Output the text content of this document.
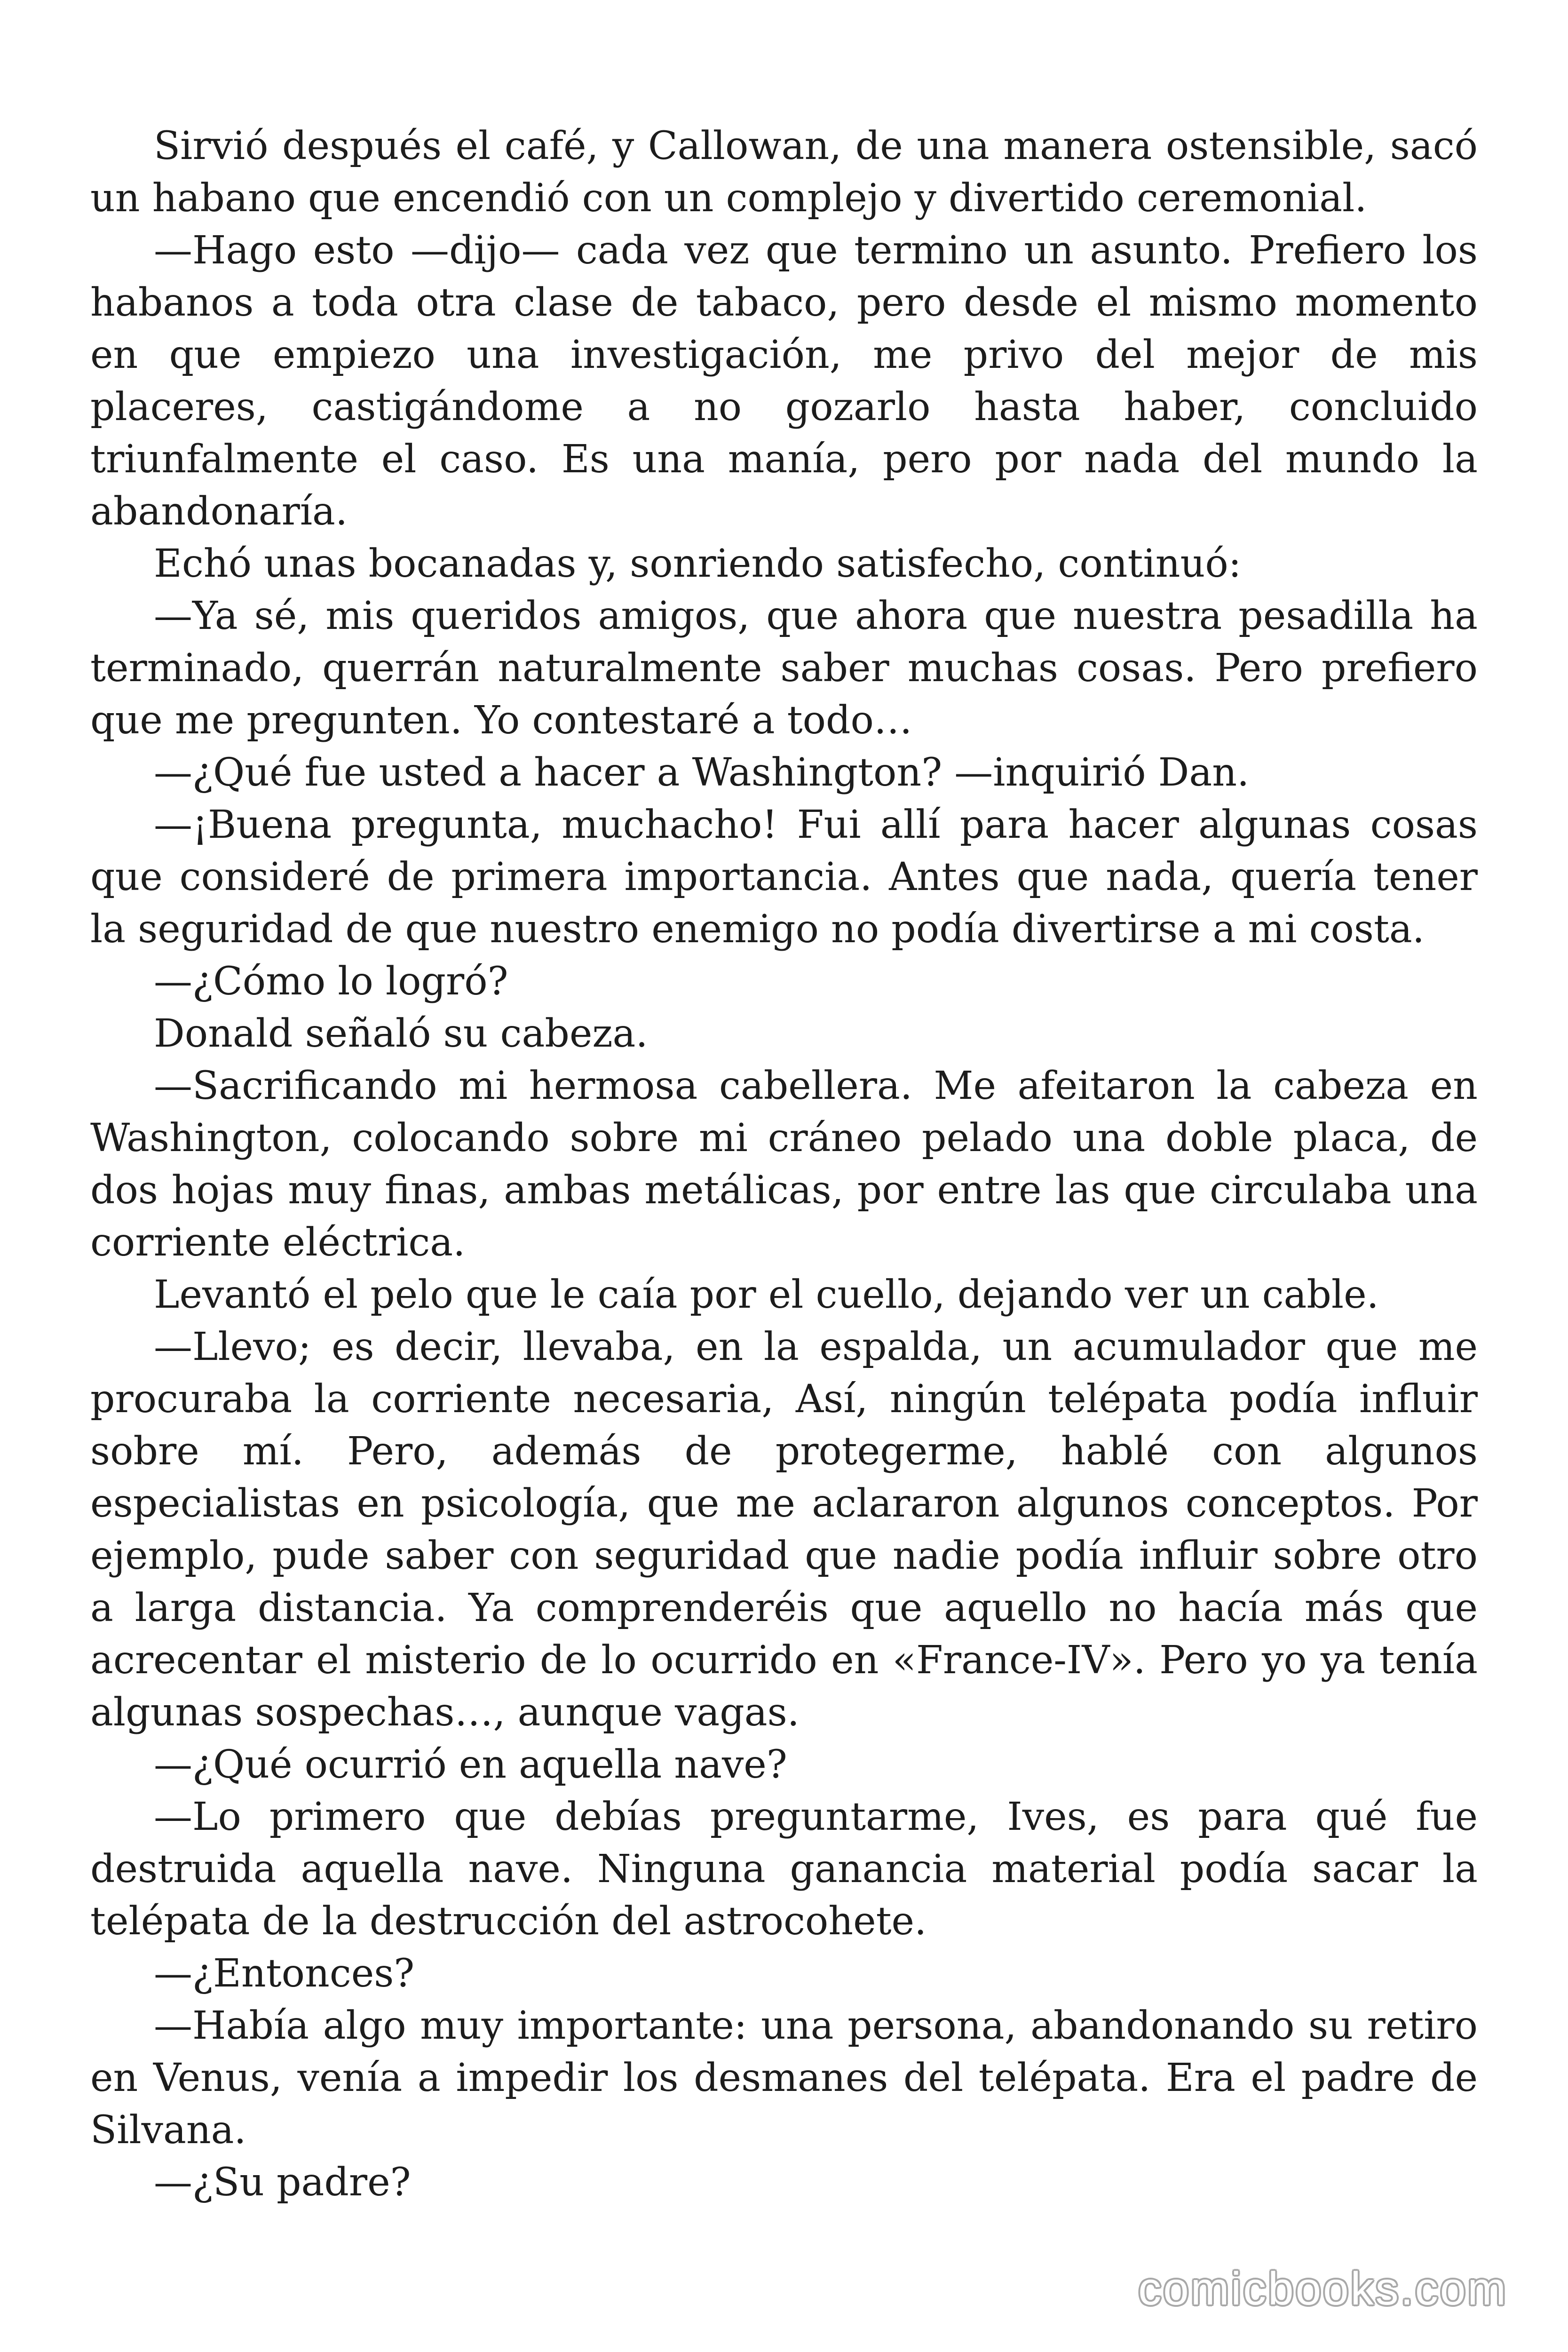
Sirvió después el café, y Callowan, de una manera ostensible, sacó un habano que encendió con un complejo y divertido ceremonial.

—Hago esto —dijo— cada vez que termino un asunto. Prefiero los habanos a toda otra clase de tabaco, pero desde el mismo momento en que empiezo una investigación, me privo del mejor de mis placeres, castigándome a no gozarlo hasta haber, concluido triunfalmente el caso. Es una manía, pero por nada del mundo la abandonaría.

Echó unas bocanadas y, sonriendo satisfecho, continuó:

—Ya sé, mis queridos amigos, que ahora que nuestra pesadilla ha terminado, querrán naturalmente saber muchas cosas. Pero prefiero que me pregunten. Yo contestaré a todo…

—¿Qué fue usted a hacer a Washington? —inquirió Dan.

—¡Buena pregunta, muchacho! Fui allí para hacer algunas cosas que consideré de primera importancia. Antes que nada, quería tener la seguridad de que nuestro enemigo no podía divertirse a mi costa.

—¿Cómo lo logró?

Donald señaló su cabeza.

—Sacrificando mi hermosa cabellera. Me afeitaron la cabeza en Washington, colocando sobre mi cráneo pelado una doble placa, de dos hojas muy finas, ambas metálicas, por entre las que circulaba una corriente eléctrica.

Levantó el pelo que le caía por el cuello, dejando ver un cable.

—Llevo; es decir, llevaba, en la espalda, un acumulador que me procuraba la corriente necesaria, Así, ningún telépata podía influir sobre mí. Pero, además de protegerme, hablé con algunos especialistas en psicología, que me aclararon algunos conceptos. Por ejemplo, pude saber con seguridad que nadie podía influir sobre otro a larga distancia. Ya comprenderéis que aquello no hacía más que acrecentar el misterio de lo ocurrido en «France-IV». Pero yo ya tenía algunas sospechas…, aunque vagas.

—¿Qué ocurrió en aquella nave?

—Lo primero que debías preguntarme, Ives, es para qué fue destruida aquella nave. Ninguna ganancia material podía sacar la telépata de la destrucción del astrocohete.

—¿Entonces?

—Había algo muy importante: una persona, abandonando su retiro en Venus, venía a impedir los desmanes del telépata. Era el padre de Silvana.

—¿Su padre?

comicbooks.com
